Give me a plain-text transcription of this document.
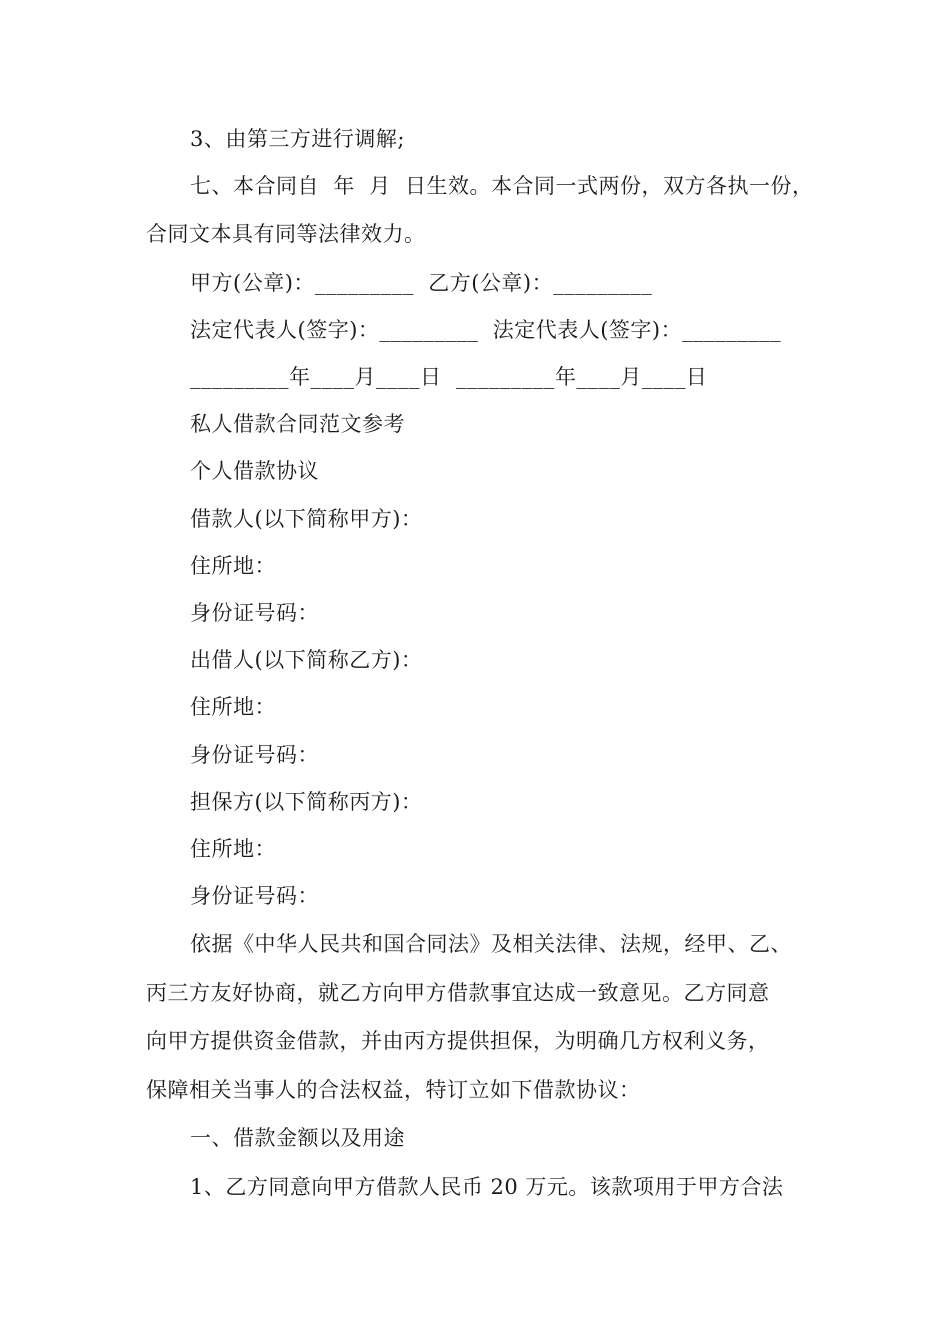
3、由第三方进行调解;
七、本合同自  年  月  日生效。本合同一式两份，双方各执一份，
合同文本具有同等法律效力。
甲方(公章)：_________  乙方(公章)：_________
法定代表人(签字)：_________  法定代表人(签字)：_________
_________年____月____日  _________年____月____日
私人借款合同范文参考
个人借款协议
借款人(以下简称甲方)：
住所地：
身份证号码：
出借人(以下简称乙方)：
住所地：
身份证号码：
担保方(以下简称丙方)：
住所地：
身份证号码：
依据《中华人民共和国合同法》及相关法律、法规，经甲、乙、
丙三方友好协商，就乙方向甲方借款事宜达成一致意见。乙方同意
向甲方提供资金借款，并由丙方提供担保，为明确几方权利义务，
保障相关当事人的合法权益，特订立如下借款协议：
一、借款金额以及用途
1、乙方同意向甲方借款人民币 20 万元。该款项用于甲方合法
